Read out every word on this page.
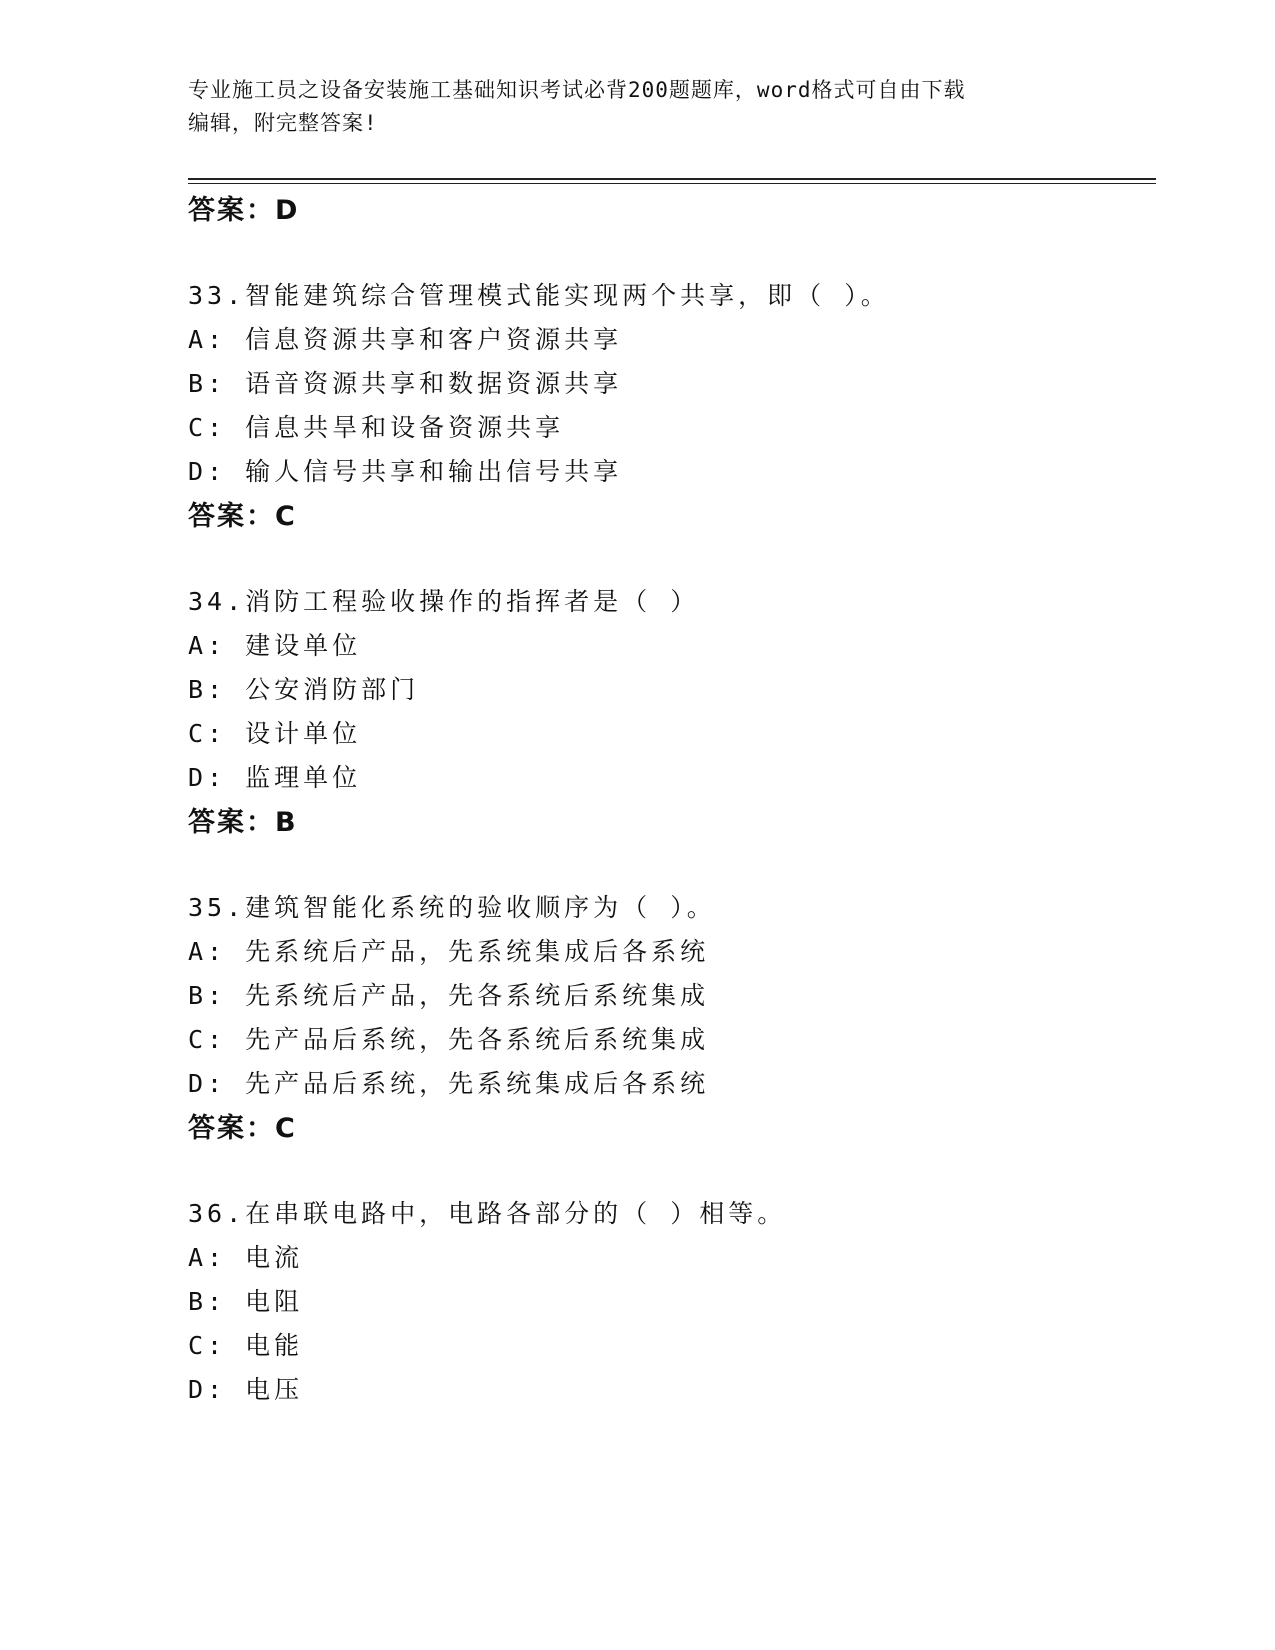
专业施工员之设备安装施工基础知识考试必背200题题库，word格式可自由下载
编辑，附完整答案!
答案：D
33.智能建筑综合管理模式能实现两个共享，即（ ）。
A: 信息资源共享和客户资源共享
B: 语音资源共享和数据资源共享
C: 信息共旱和设备资源共享
D: 输人信号共享和输出信号共享
答案：C
34.消防工程验收操作的指挥者是（ ）
A: 建设单位
B: 公安消防部门
C: 设计单位
D: 监理单位
答案：B
35.建筑智能化系统的验收顺序为（ ）。
A: 先系统后产品，先系统集成后各系统
B: 先系统后产品，先各系统后系统集成
C: 先产品后系统，先各系统后系统集成
D: 先产品后系统，先系统集成后各系统
答案：C
36.在串联电路中，电路各部分的（ ）相等。
A: 电流
B: 电阻
C: 电能
D: 电压
